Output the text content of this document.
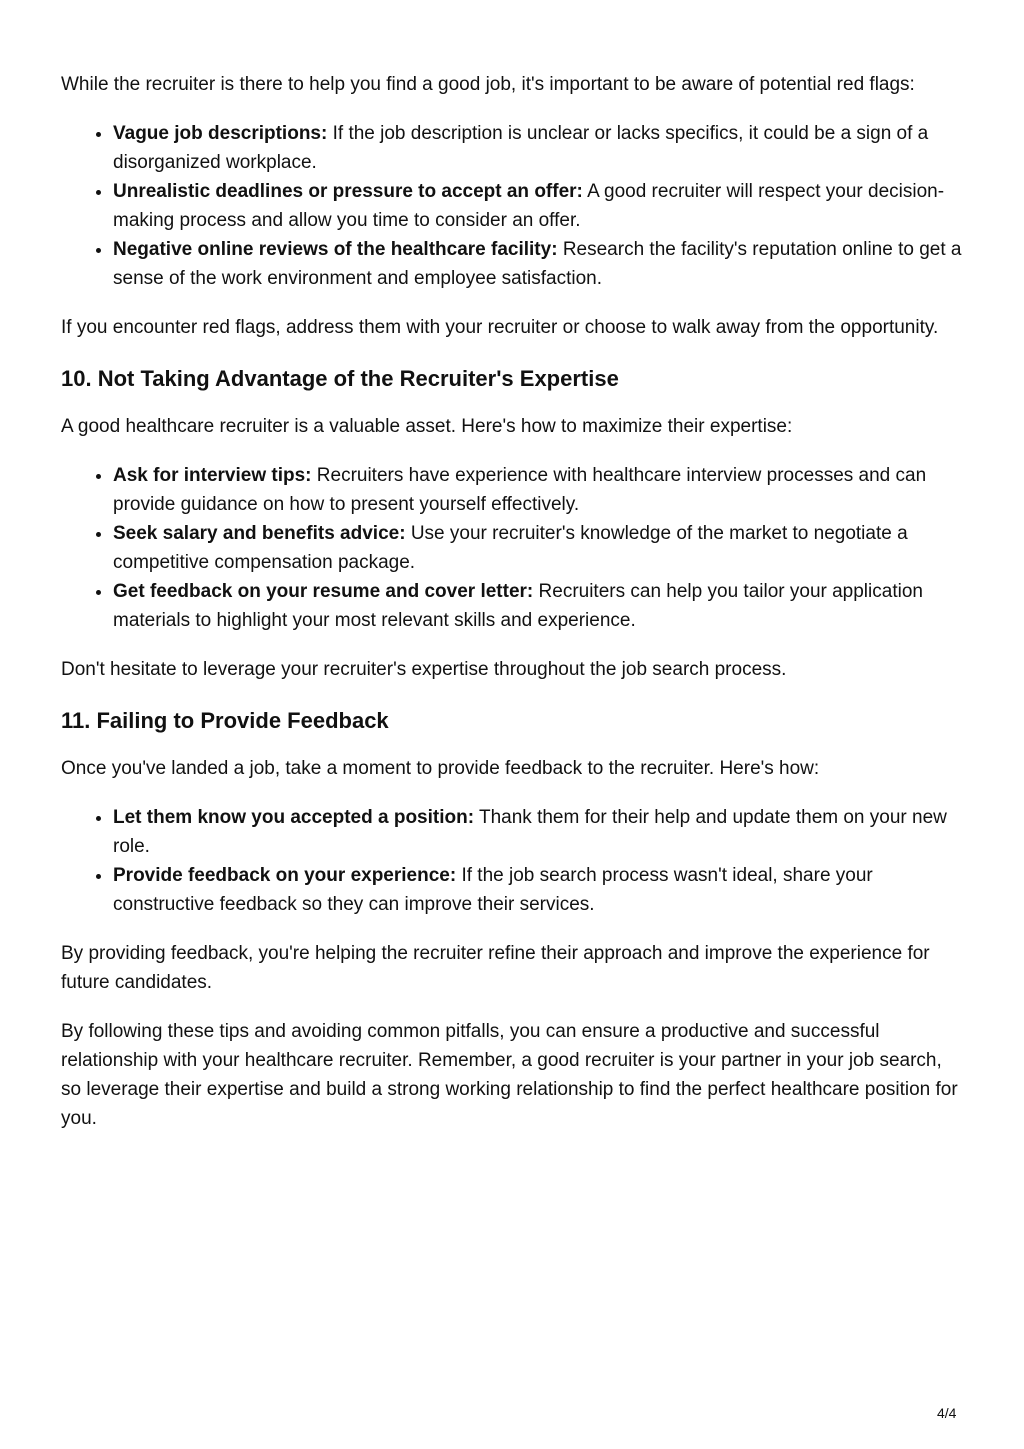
While the recruiter is there to help you find a good job, it's important to be aware of potential red flags:

• Vague job descriptions: If the job description is unclear or lacks specifics, it could be a sign of a disorganized workplace.
• Unrealistic deadlines or pressure to accept an offer: A good recruiter will respect your decision-making process and allow you time to consider an offer.
• Negative online reviews of the healthcare facility: Research the facility's reputation online to get a sense of the work environment and employee satisfaction.

If you encounter red flags, address them with your recruiter or choose to walk away from the opportunity.

10. Not Taking Advantage of the Recruiter's Expertise

A good healthcare recruiter is a valuable asset. Here's how to maximize their expertise:

• Ask for interview tips: Recruiters have experience with healthcare interview processes and can provide guidance on how to present yourself effectively.
• Seek salary and benefits advice: Use your recruiter's knowledge of the market to negotiate a competitive compensation package.
• Get feedback on your resume and cover letter: Recruiters can help you tailor your application materials to highlight your most relevant skills and experience.

Don't hesitate to leverage your recruiter's expertise throughout the job search process.

11. Failing to Provide Feedback

Once you've landed a job, take a moment to provide feedback to the recruiter. Here's how:

• Let them know you accepted a position: Thank them for their help and update them on your new role.
• Provide feedback on your experience: If the job search process wasn't ideal, share your constructive feedback so they can improve their services.

By providing feedback, you're helping the recruiter refine their approach and improve the experience for future candidates.

By following these tips and avoiding common pitfalls, you can ensure a productive and successful relationship with your healthcare recruiter. Remember, a good recruiter is your partner in your job search, so leverage their expertise and build a strong working relationship to find the perfect healthcare position for you.

4/4
